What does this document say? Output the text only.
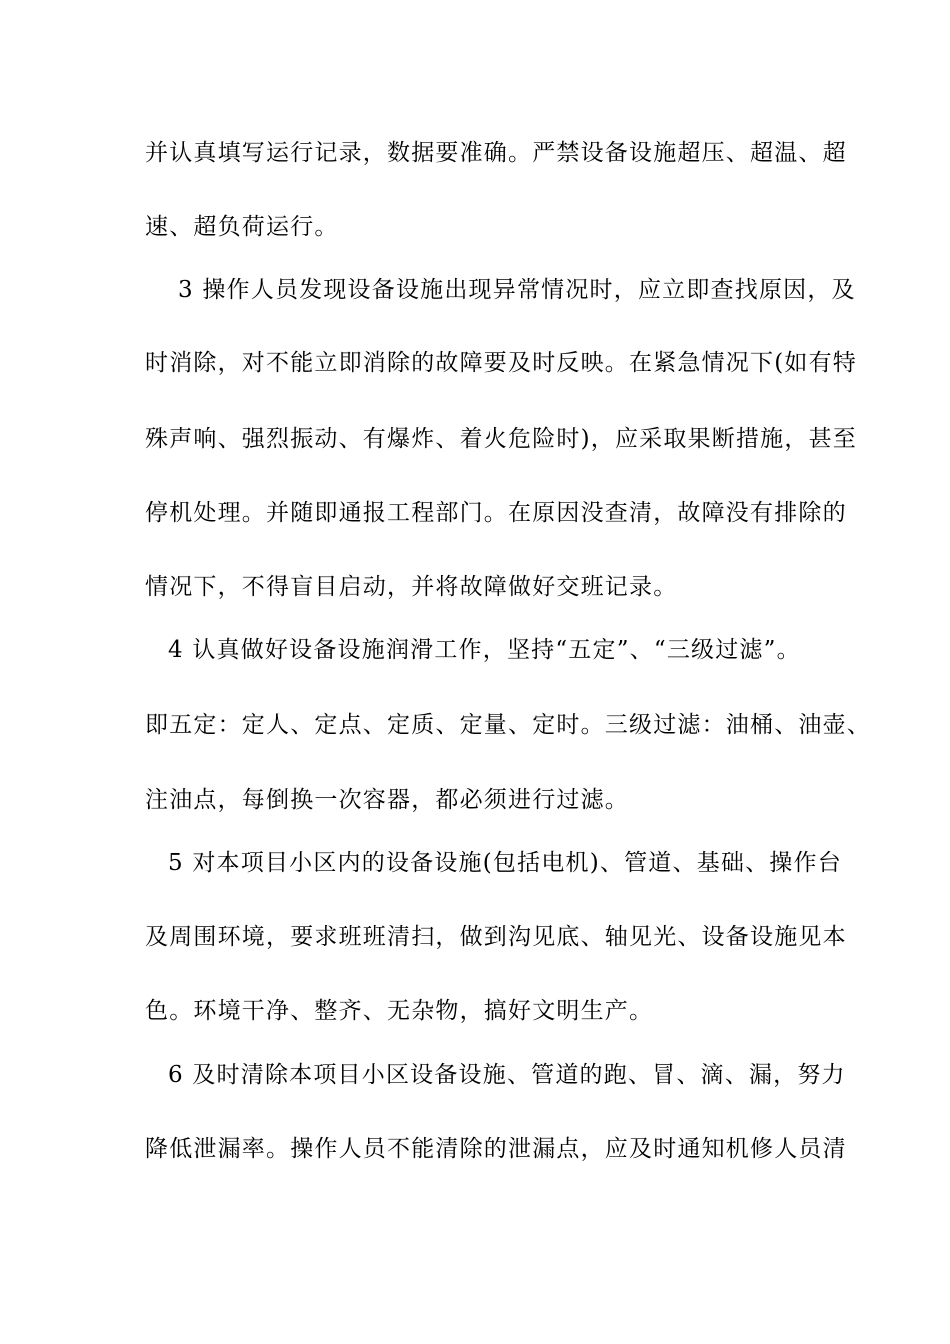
并认真填写运行记录，数据要准确。严禁设备设施超压、超温、超
速、超负荷运行。
3 操作人员发现设备设施出现异常情况时，应立即查找原因，及
时消除，对不能立即消除的故障要及时反映。在紧急情况下(如有特
殊声响、强烈振动、有爆炸、着火危险时)，应采取果断措施，甚至
停机处理。并随即通报工程部门。在原因没查清，故障没有排除的
情况下，不得盲目启动，并将故障做好交班记录。
4 认真做好设备设施润滑工作，坚持“五定”、“三级过滤”。
即五定：定人、定点、定质、定量、定时。三级过滤：油桶、油壶、
注油点，每倒换一次容器，都必须进行过滤。
5 对本项目小区内的设备设施(包括电机)、管道、基础、操作台
及周围环境，要求班班清扫，做到沟见底、轴见光、设备设施见本
色。环境干净、整齐、无杂物，搞好文明生产。
6 及时清除本项目小区设备设施、管道的跑、冒、滴、漏，努力
降低泄漏率。操作人员不能清除的泄漏点，应及时通知机修人员清
